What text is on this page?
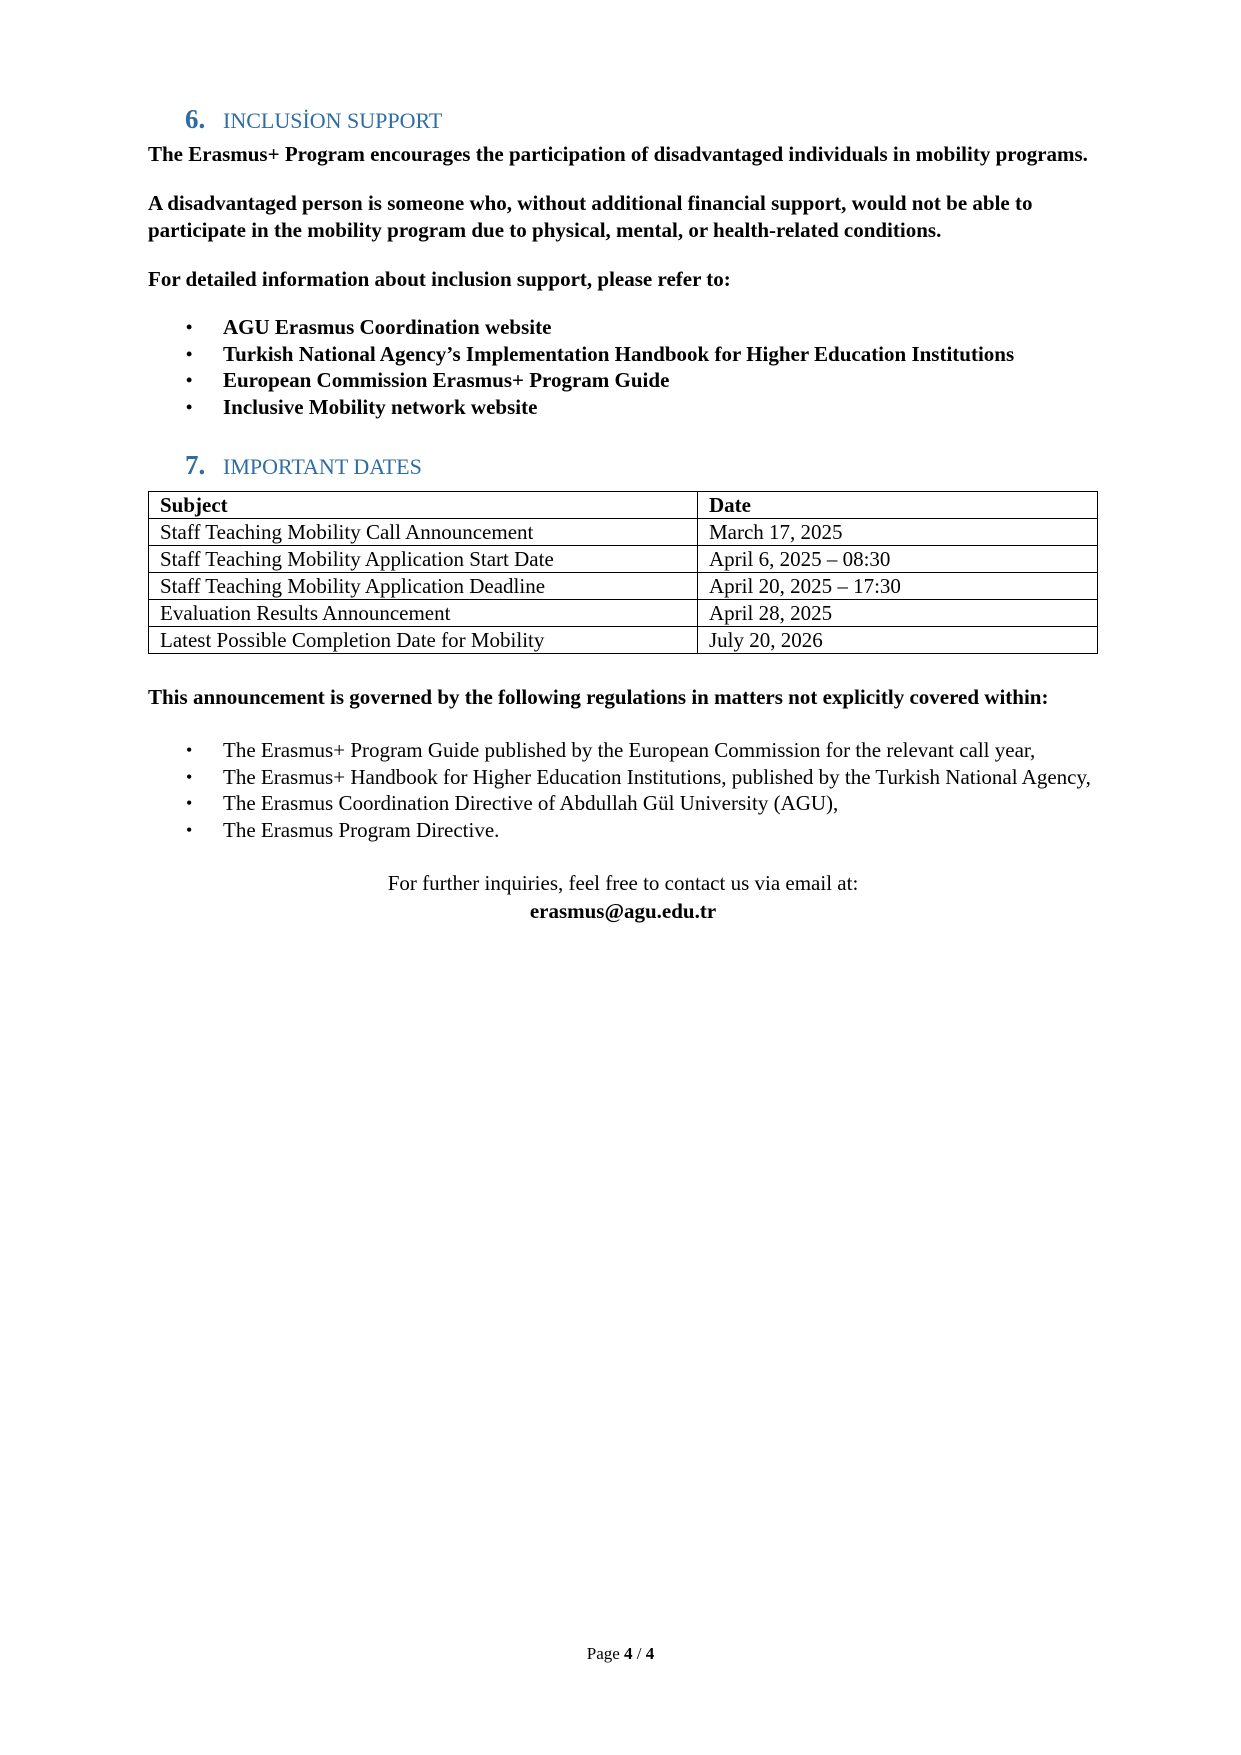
6. INCLUSİON SUPPORT

The Erasmus+ Program encourages the participation of disadvantaged individuals in mobility programs.

A disadvantaged person is someone who, without additional financial support, would not be able to participate in the mobility program due to physical, mental, or health-related conditions.

For detailed information about inclusion support, please refer to:

• AGU Erasmus Coordination website
• Turkish National Agency’s Implementation Handbook for Higher Education Institutions
• European Commission Erasmus+ Program Guide
• Inclusive Mobility network website
7. IMPORTANT DATES
Subject	Date
Staff Teaching Mobility Call Announcement	March 17, 2025
Staff Teaching Mobility Application Start Date	April 6, 2025 – 08:30
Staff Teaching Mobility Application Deadline	April 20, 2025 – 17:30
Evaluation Results Announcement	April 28, 2025
Latest Possible Completion Date for Mobility	July 20, 2026

This announcement is governed by the following regulations in matters not explicitly covered within:

• The Erasmus+ Program Guide published by the European Commission for the relevant call year,
• The Erasmus+ Handbook for Higher Education Institutions, published by the Turkish National Agency,
• The Erasmus Coordination Directive of Abdullah Gül University (AGU),
• The Erasmus Program Directive.
For further inquiries, feel free to contact us via email at:
erasmus@agu.edu.tr
Page 4 / 4
